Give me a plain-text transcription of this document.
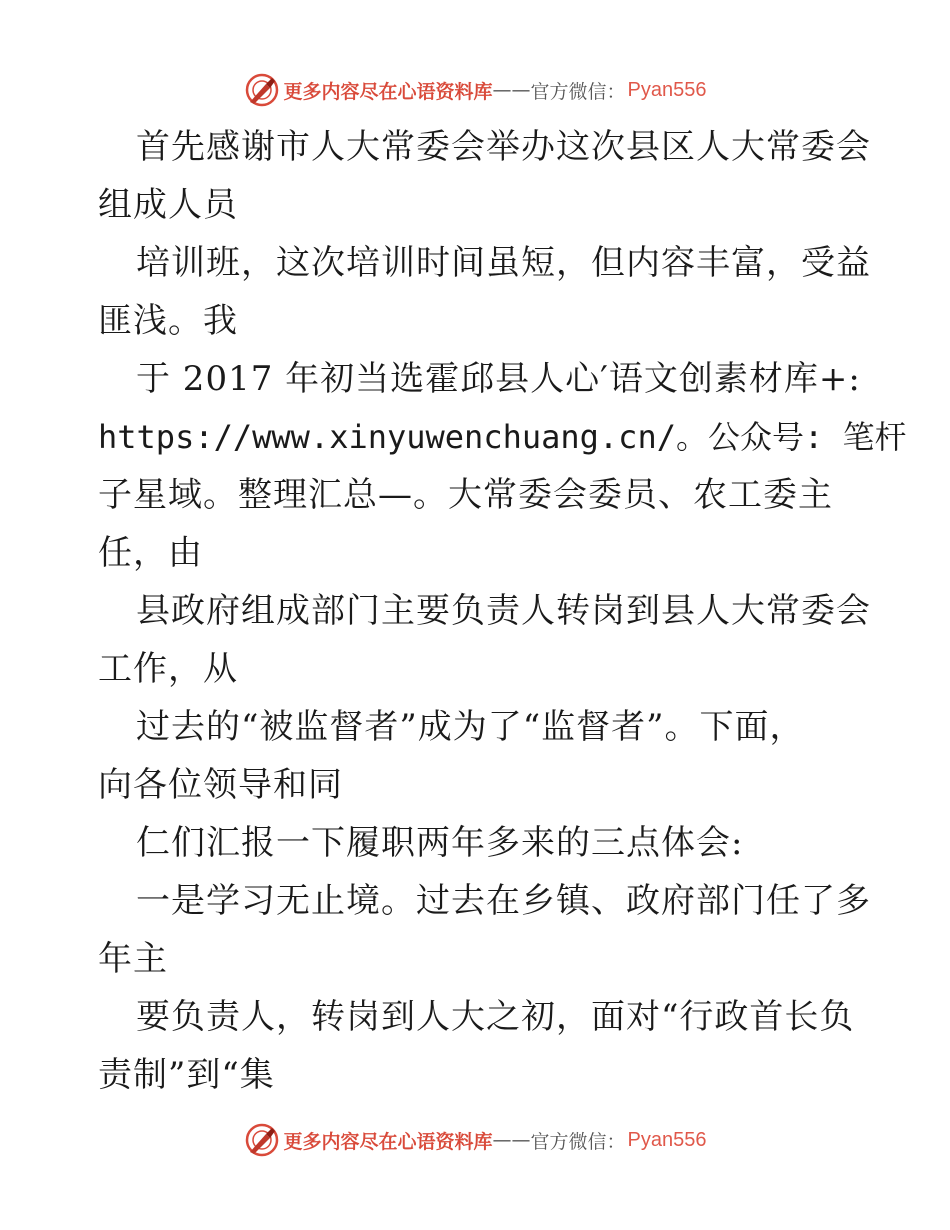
更多内容尽在心语资料库 —— 官方微信： Pyan556
首先感谢市人大常委会举办这次县区人大常委会
组成人员
培训班，这次培训时间虽短，但内容丰富，受益
匪浅。我
于 2017 年初当选霍邱县人心′语文创素材库+:
https://www.xinyuwenchuang.cn/。公众号: 笔杆
子星域。整理汇总—。大常委会委员、农工委主
任，由
县政府组成部门主要负责人转岗到县人大常委会
工作，从
过去的“被监督者”成为了“监督者”。下面，
向各位领导和同
仁们汇报一下履职两年多来的三点体会:
一是学习无止境。过去在乡镇、政府部门任了多
年主
要负责人，转岗到人大之初，面对“行政首长负
责制”到“集
更多内容尽在心语资料库 —— 官方微信： Pyan556
